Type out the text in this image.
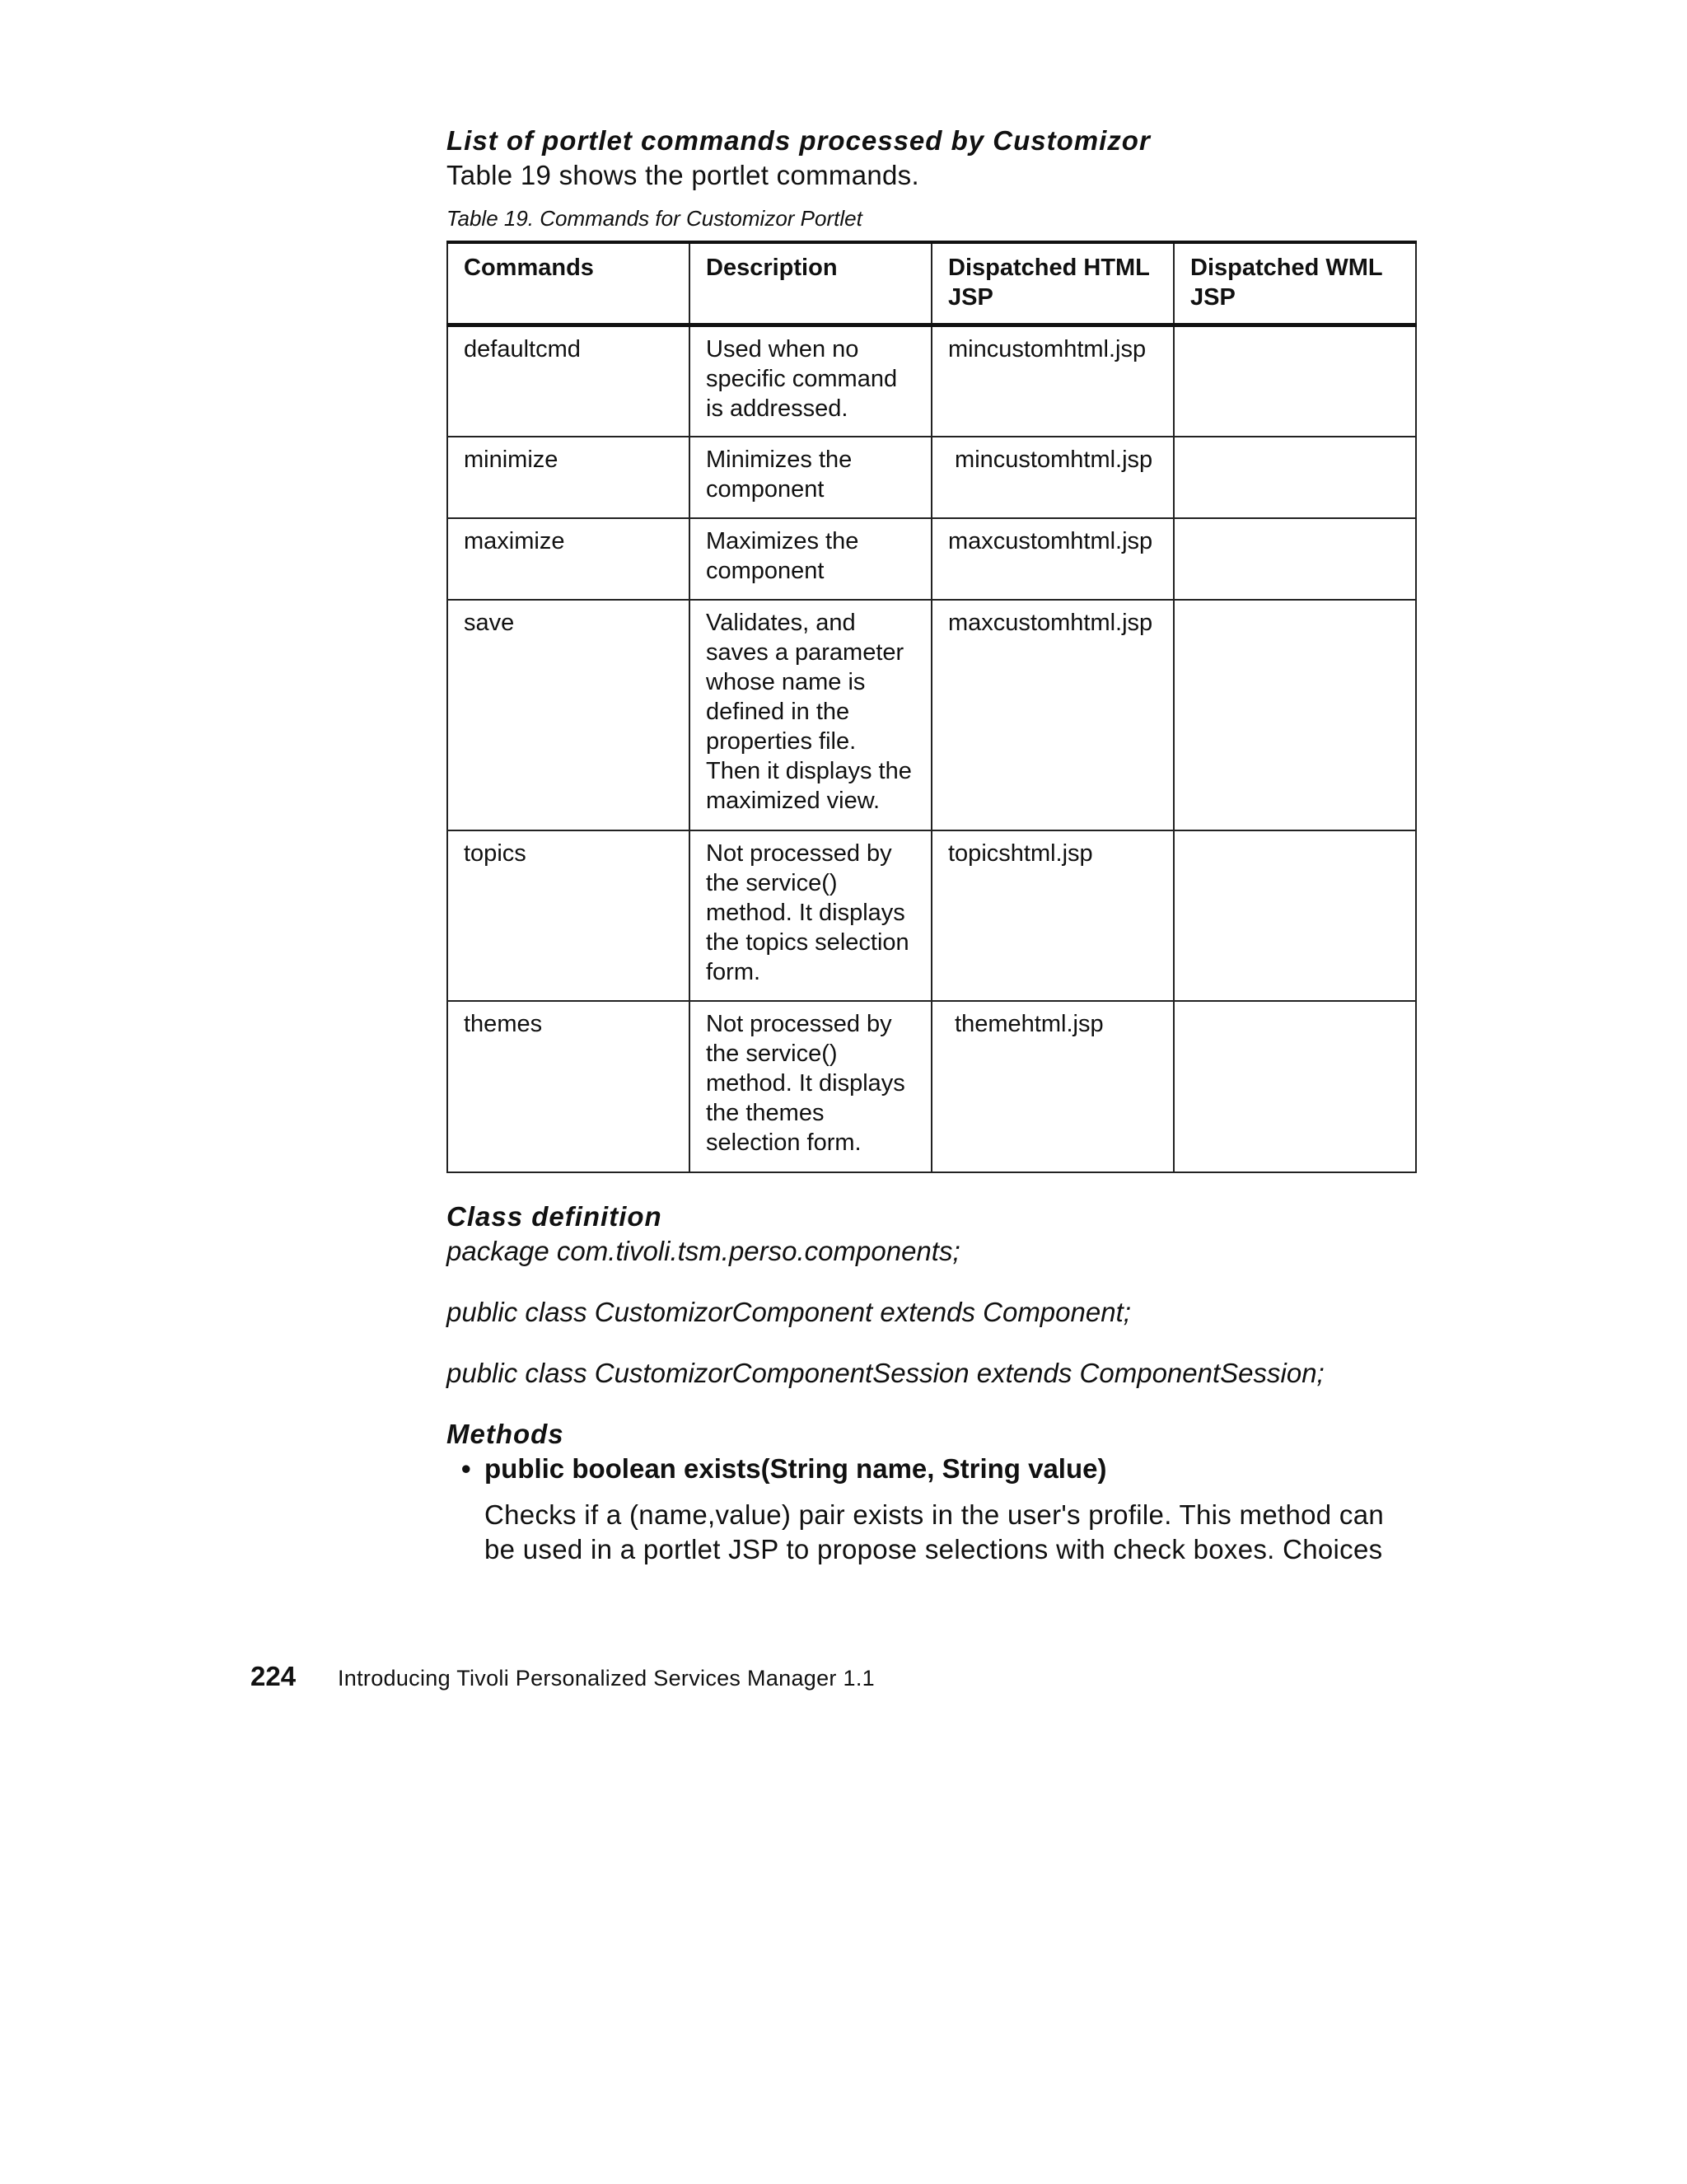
List of portlet commands processed by Customizor
Table 19 shows the portlet commands.
Table 19. Commands for Customizor Portlet
Commands	Description	Dispatched HTML JSP	Dispatched WML JSP
defaultcmd	Used when no specific command is addressed.	mincustomhtml.jsp	
minimize	Minimizes the component	mincustomhtml.jsp	
maximize	Maximizes the component	maxcustomhtml.jsp	
save	Validates, and saves a parameter whose name is defined in the properties file. Then it displays the maximized view.	maxcustomhtml.jsp	
topics	Not processed by the service() method. It displays the topics selection form.	topicshtml.jsp	
themes	Not processed by the service() method. It displays the themes selection form.	themehtml.jsp	
Class definition
package com.tivoli.tsm.perso.components;
public class CustomizorComponent extends Component;
public class CustomizorComponentSession extends ComponentSession;
Methods
• public boolean exists(String name, String value)
Checks if a (name,value) pair exists in the user's profile. This method can be used in a portlet JSP to propose selections with check boxes. Choices
224 Introducing Tivoli Personalized Services Manager 1.1
